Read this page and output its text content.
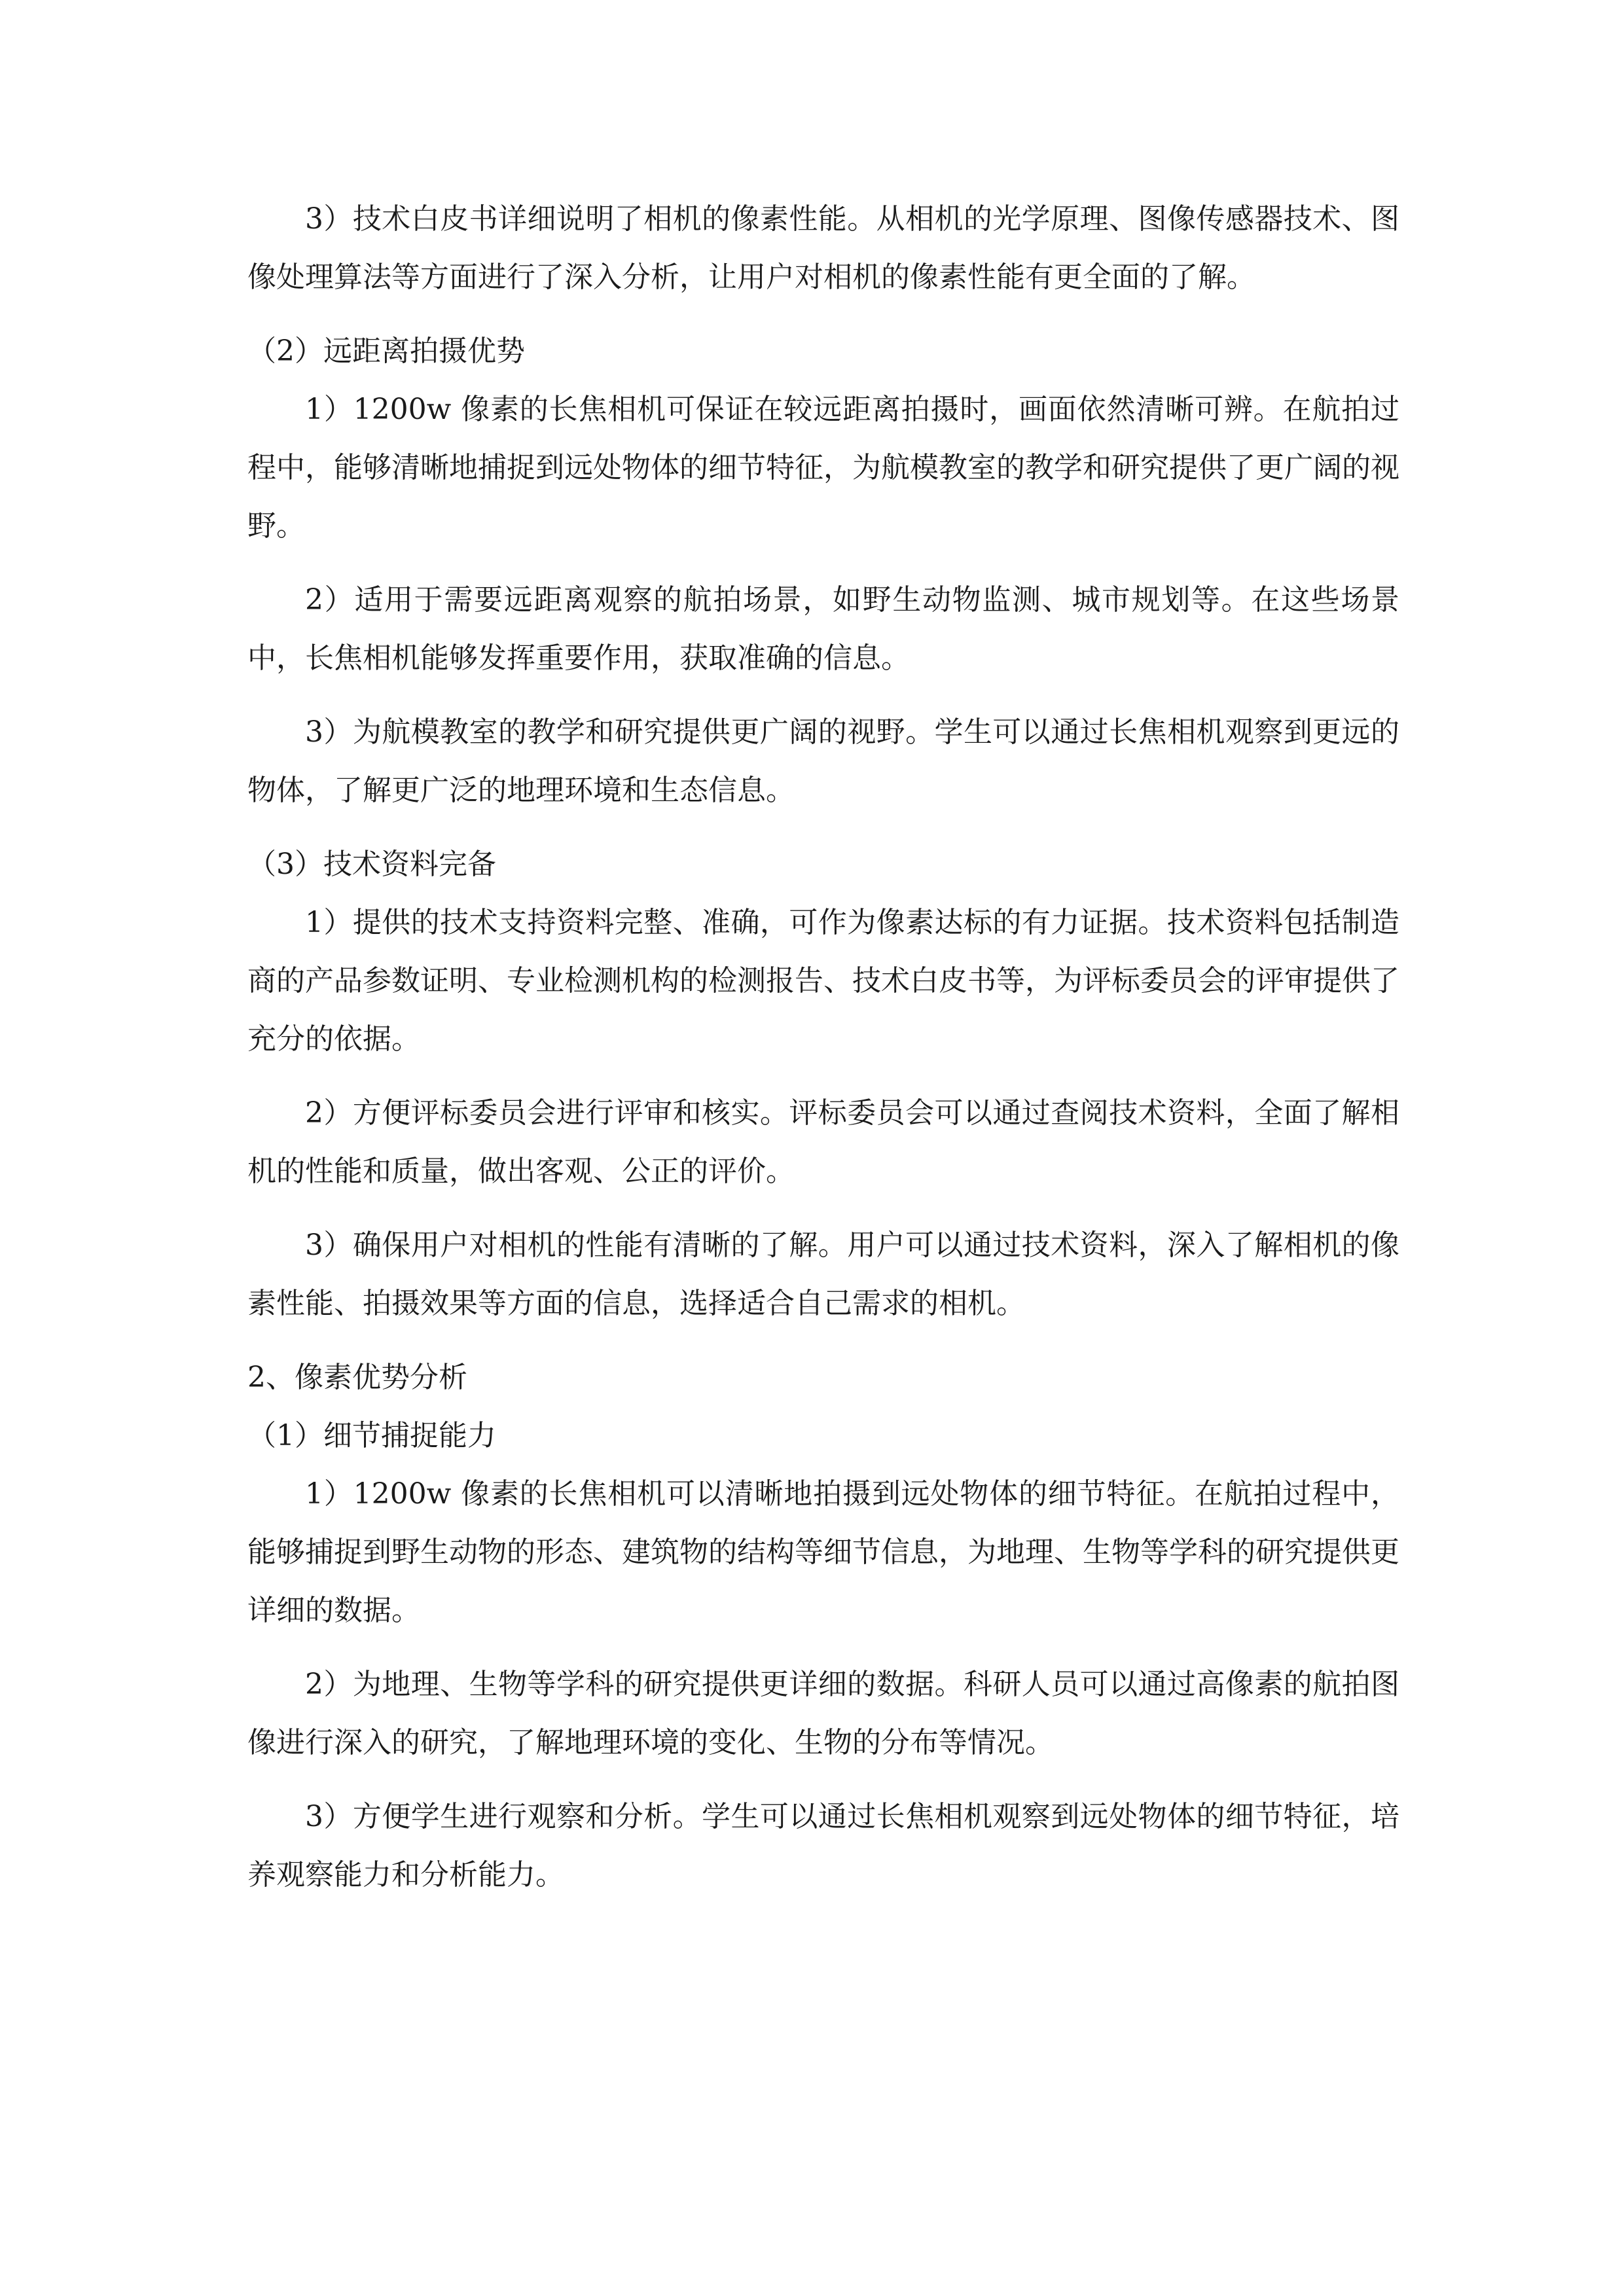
3）技术白皮书详细说明了相机的像素性能。从相机的光学原理、图像传感器技术、图像处理算法等方面进行了深入分析，让用户对相机的像素性能有更全面的了解。

（2）远距离拍摄优势

1）1200w 像素的长焦相机可保证在较远距离拍摄时，画面依然清晰可辨。在航拍过程中，能够清晰地捕捉到远处物体的细节特征，为航模教室的教学和研究提供了更广阔的视野。

2）适用于需要远距离观察的航拍场景，如野生动物监测、城市规划等。在这些场景中，长焦相机能够发挥重要作用，获取准确的信息。

3）为航模教室的教学和研究提供更广阔的视野。学生可以通过长焦相机观察到更远的物体，了解更广泛的地理环境和生态信息。

（3）技术资料完备

1）提供的技术支持资料完整、准确，可作为像素达标的有力证据。技术资料包括制造商的产品参数证明、专业检测机构的检测报告、技术白皮书等，为评标委员会的评审提供了充分的依据。

2）方便评标委员会进行评审和核实。评标委员会可以通过查阅技术资料，全面了解相机的性能和质量，做出客观、公正的评价。

3）确保用户对相机的性能有清晰的了解。用户可以通过技术资料，深入了解相机的像素性能、拍摄效果等方面的信息，选择适合自己需求的相机。

2、像素优势分析

（1）细节捕捉能力

1）1200w 像素的长焦相机可以清晰地拍摄到远处物体的细节特征。在航拍过程中，能够捕捉到野生动物的形态、建筑物的结构等细节信息，为地理、生物等学科的研究提供更详细的数据。

2）为地理、生物等学科的研究提供更详细的数据。科研人员可以通过高像素的航拍图像进行深入的研究，了解地理环境的变化、生物的分布等情况。

3）方便学生进行观察和分析。学生可以通过长焦相机观察到远处物体的细节特征，培养观察能力和分析能力。
